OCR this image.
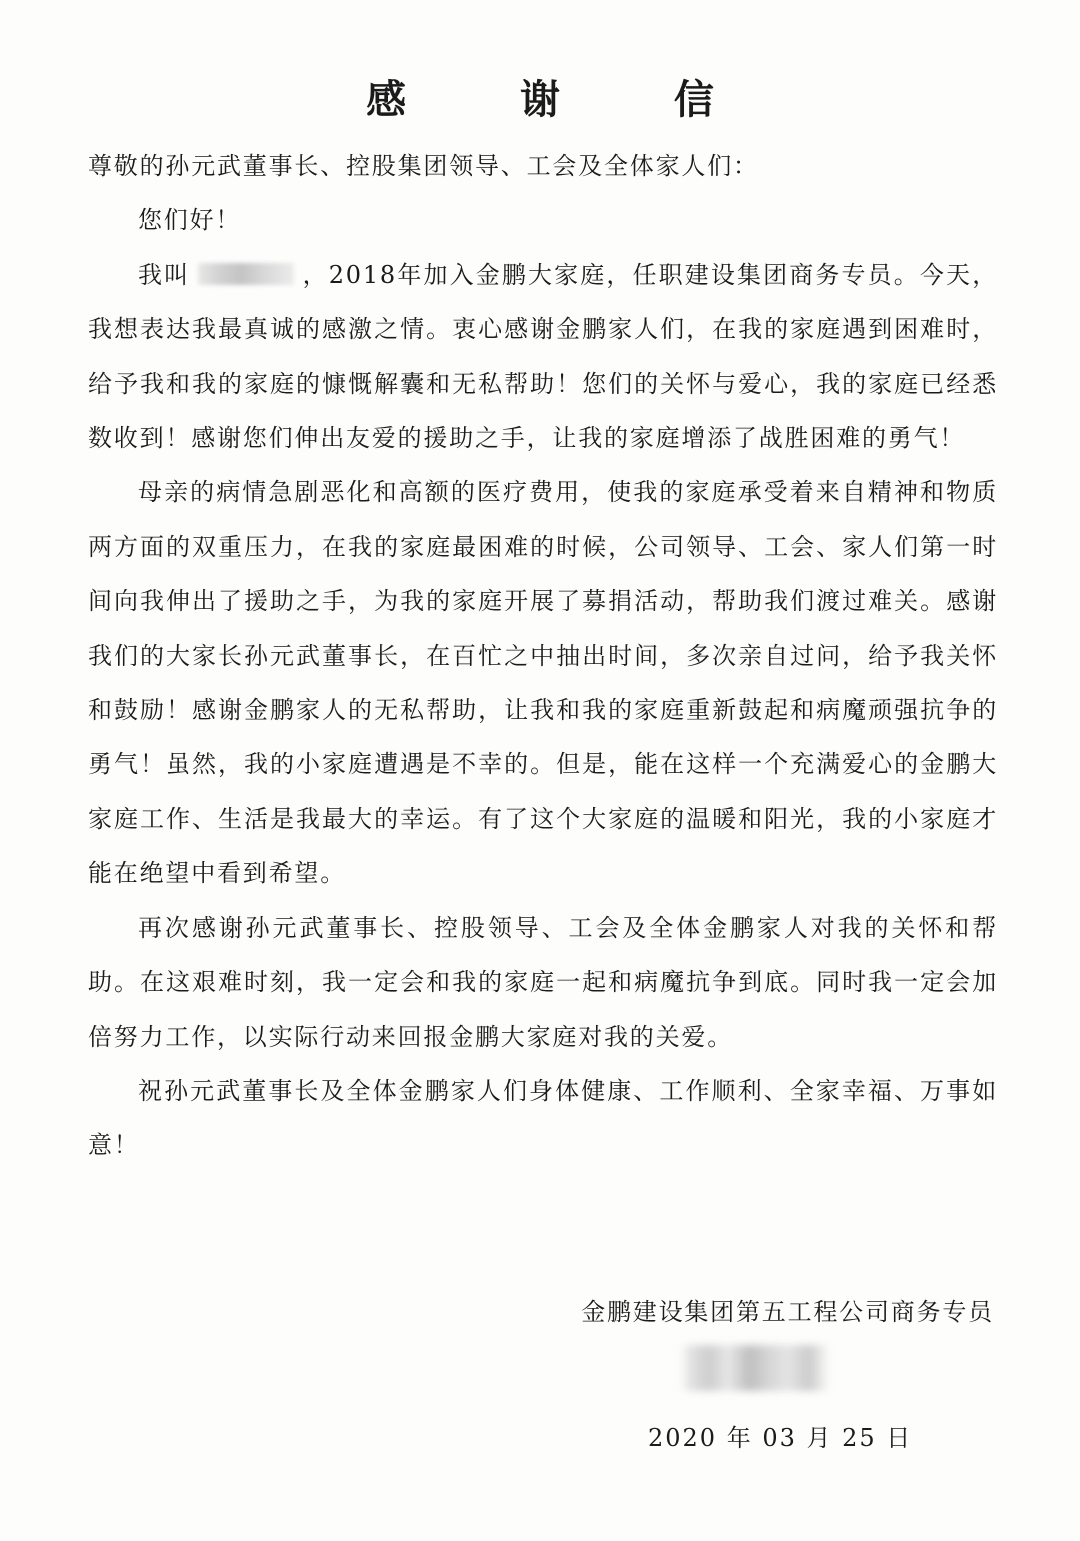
感 谢 信

尊敬的孙元武董事长、控股集团领导、工会及全体家人们：

您们好！

我叫	，2018年加入金鹏大家庭，任职建设集团商务专员。今天，我想表达我最真诚的感激之情。衷心感谢金鹏家人们，在我的家庭遇到困难时，给予我和我的家庭的慷慨解囊和无私帮助！您们的关怀与爱心，我的家庭已经悉数收到！感谢您们伸出友爱的援助之手，让我的家庭增添了战胜困难的勇气！

母亲的病情急剧恶化和高额的医疗费用，使我的家庭承受着来自精神和物质两方面的双重压力，在我的家庭最困难的时候，公司领导、工会、家人们第一时间向我伸出了援助之手，为我的家庭开展了募捐活动，帮助我们渡过难关。感谢我们的大家长孙元武董事长，在百忙之中抽出时间，多次亲自过问，给予我关怀和鼓励！感谢金鹏家人的无私帮助，让我和我的家庭重新鼓起和病魔顽强抗争的勇气！虽然，我的小家庭遭遇是不幸的。但是，能在这样一个充满爱心的金鹏大家庭工作、生活是我最大的幸运。有了这个大家庭的温暖和阳光，我的小家庭才能在绝望中看到希望。

再次感谢孙元武董事长、控股领导、工会及全体金鹏家人对我的关怀和帮助。在这艰难时刻，我一定会和我的家庭一起和病魔抗争到底。同时我一定会加倍努力工作，以实际行动来回报金鹏大家庭对我的关爱。

祝孙元武董事长及全体金鹏家人们身体健康、工作顺利、全家幸福、万事如意！

金鹏建设集团第五工程公司商务专员
2020 年 03 月 25 日
